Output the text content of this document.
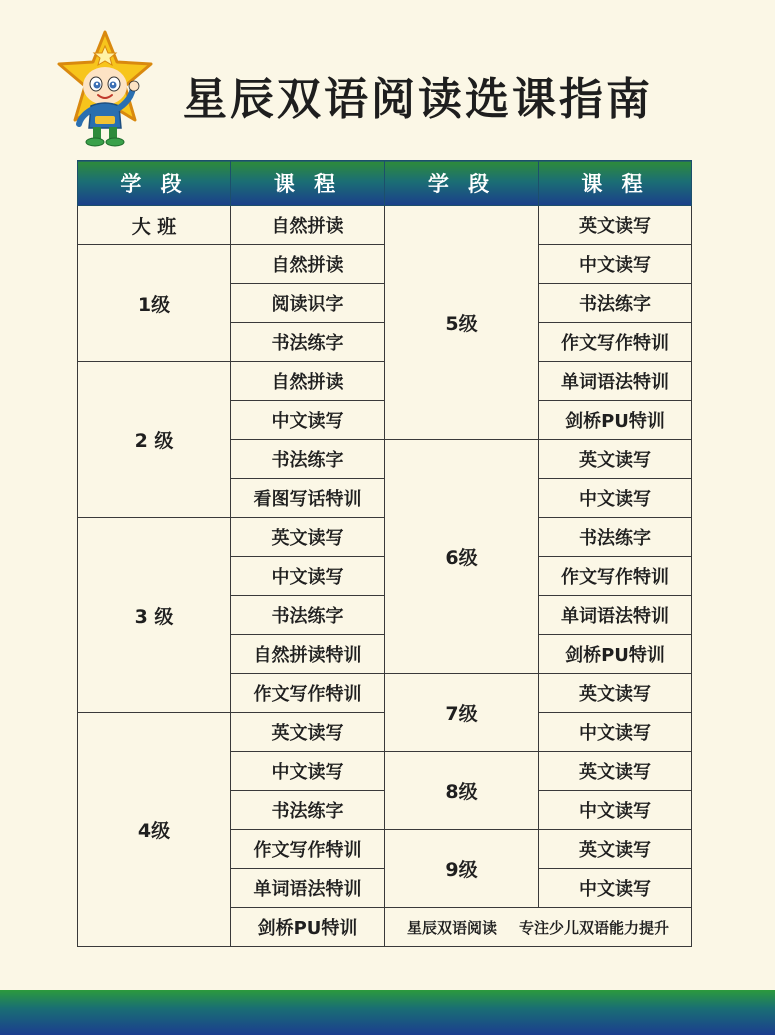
星辰双语阅读选课指南
学 段	课 程	学 段	课 程
大 班	自然拼读	5级	英文读写
1级	自然拼读		中文读写
	阅读识字		书法练字
	书法练字		作文写作特训
2 级	自然拼读		单词语法特训
	中文读写		剑桥PU特训
	书法练字	6级	英文读写
	看图写话特训		中文读写
3 级	英文读写		书法练字
	中文读写		作文写作特训
	书法练字		单词语法特训
	自然拼读特训		剑桥PU特训
	作文写作特训	7级	英文读写
4级	英文读写		中文读写
	中文读写	8级	英文读写
	书法练字		中文读写
	作文写作特训	9级	英文读写
	单词语法特训		中文读写
	剑桥PU特训	星辰双语阅读 专注少儿双语能力提升	
